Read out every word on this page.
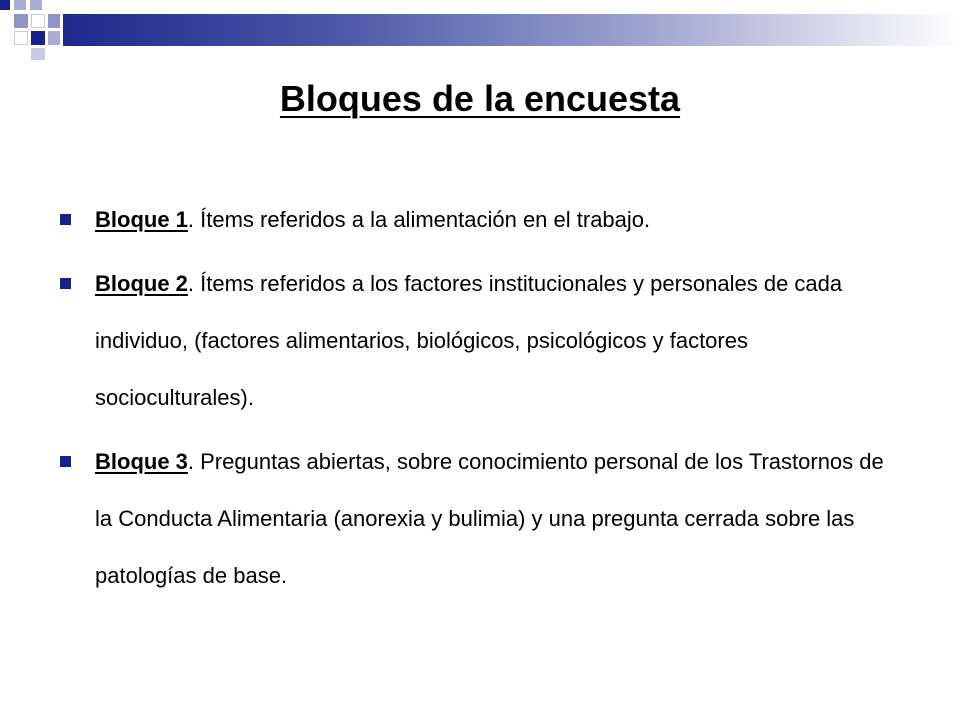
Bloques de la encuesta
Bloque 1. Ítems referidos a la alimentación en el trabajo.
Bloque 2. Ítems referidos a los factores institucionales y personales de cada individuo, (factores alimentarios, biológicos, psicológicos y factores socioculturales).
Bloque 3. Preguntas abiertas, sobre conocimiento personal de los Trastornos de la Conducta Alimentaria (anorexia y bulimia) y una pregunta cerrada sobre las patologías de base.
